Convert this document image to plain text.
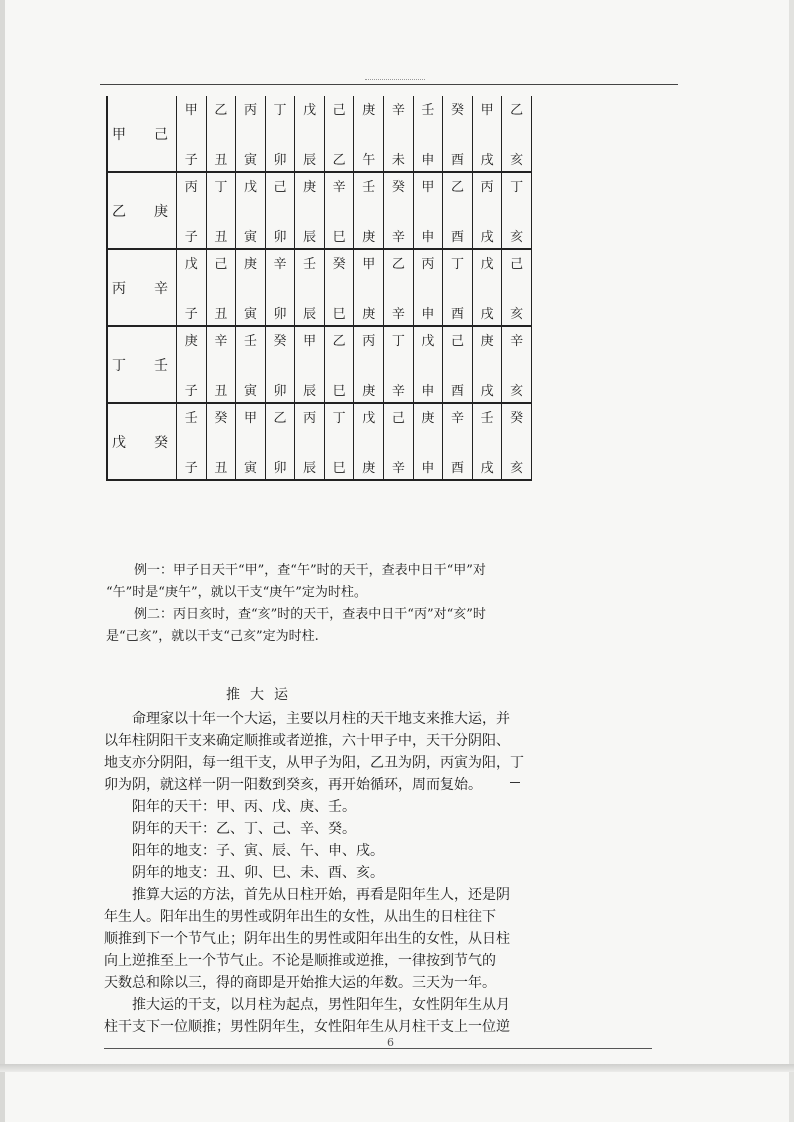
甲 己	甲	乙	丙	丁	戊	己	庚	辛	壬	癸	甲	乙

	子	丑	寅	卯	辰	乙	午	未	申	酉	戌	亥

乙 庚	丙	丁	戊	己	庚	辛	壬	癸	甲	乙	丙	丁

	子	丑	寅	卯	辰	巳	庚	辛	申	酉	戌	亥

丙 辛	戊	己	庚	辛	壬	癸	甲	乙	丙	丁	戊	己

	子	丑	寅	卯	辰	巳	庚	辛	申	酉	戌	亥

丁 壬	庚	辛	壬	癸	甲	乙	丙	丁	戊	己	庚	辛

	子	丑	寅	卯	辰	巳	庚	辛	申	酉	戌	亥

戊 癸	壬	癸	甲	乙	丙	丁	戊	己	庚	辛	壬	癸

	子	丑	寅	卯	辰	巳	庚	辛	申	酉	戌	亥
例一：甲子日天干“甲”，查“午”时的天干，查表中日干“甲”对
“午”时是“庚午”，就以干支“庚午”定为时柱。
例二：丙日亥时，查“亥”时的天干，查表中日干“丙”对“亥”时
是“己亥”，就以干支“己亥”定为时柱.
推大运
命理家以十年一个大运，主要以月柱的天干地支来推大运，并
以年柱阴阳干支来确定顺推或者逆推，六十甲子中，天干分阴阳、
地支亦分阴阳，每一组干支，从甲子为阳，乙丑为阴，丙寅为阳，丁
卯为阴，就这样一阴一阳数到癸亥，再开始循环，周而复始。
阳年的天干：甲、丙、戊、庚、壬。
阴年的天干：乙、丁、己、辛、癸。
阳年的地支：子、寅、辰、午、申、戌。
阴年的地支：丑、卯、巳、未、酉、亥。
推算大运的方法，首先从日柱开始，再看是阳年生人，还是阴
年生人。阳年出生的男性或阴年出生的女性，从出生的日柱往下
顺推到下一个节气止；阴年出生的男性或阳年出生的女性，从日柱
向上逆推至上一个节气止。不论是顺推或逆推，一律按到节气的
天数总和除以三，得的商即是开始推大运的年数。三天为一年。
推大运的干支，以月柱为起点，男性阳年生，女性阴年生从月
柱干支下一位顺推；男性阴年生，女性阳年生从月柱干支上一位逆
6
